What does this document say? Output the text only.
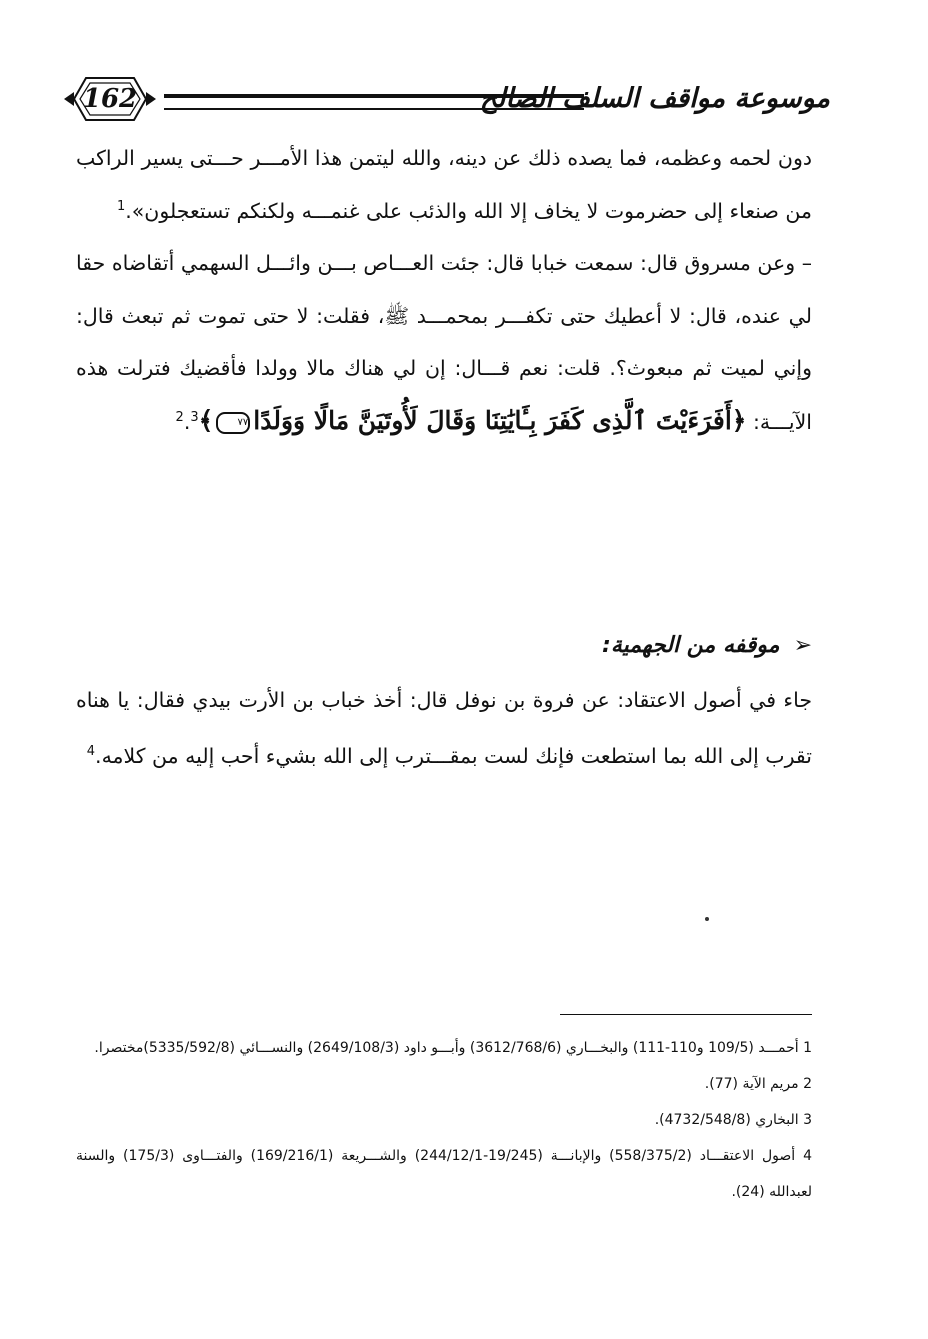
162	موسوعة مواقف السلف الصالح

دون لحمه وعظمه، فما يصده ذلك عن دينه، والله ليتمن هذا الأمـــر حـــتى يسير الراكب من صنعاء إلى حضرموت لا يخاف إلا الله والذئب على غنمـــه ولكنكم تستعجلون».$^1$

– وعن مسروق قال: سمعت خبابا قال: جئت العـــاص بـــن وائـــل السهمي أتقاضاه حقا لي عنده، قال: لا أعطيك حتى تكفـــر بمحمـــد ﷺ، فقلت: لا حتى تموت ثم تبعث قال: وإني لميت ثم مبعوث؟. قلت: نعم قـــال: إن لي هناك مالا وولدا فأقضيك فترلت هذه الآيـــة: ﴿أَفَرَءَيْتَ ٱلَّذِى كَفَرَ بِـَٔايَٰتِنَا وَقَالَ لَأُوتَيَنَّ مَالًا وَوَلَدًا٧٧﴾$^2$.$^3$

➢موقفه من الجهمية:

جاء في أصول الاعتقاد: عن فروة بن نوفل قال: أخذ خباب بن الأرت بيدي فقال: يا هناه تقرب إلى الله بما استطعت فإنك لست بمقـــترب إلى الله بشيء أحب إليه من كلامه.$^4$

1 أحمـــد (109/5 و110-111) والبخـــاري (3612/768/6) وأبـــو داود (2649/108/3) والنســـائي (5335/592/8)مختصرا.

2 مريم الآية (77).

3 البخاري (4732/548/8).

4 أصول الاعتقـــاد (558/375/2) والإبانـــة (19/245-244/12/1) والشـــريعة (169/216/1) والفتـــاوى (175/3) والسنة لعبدالله (24).
